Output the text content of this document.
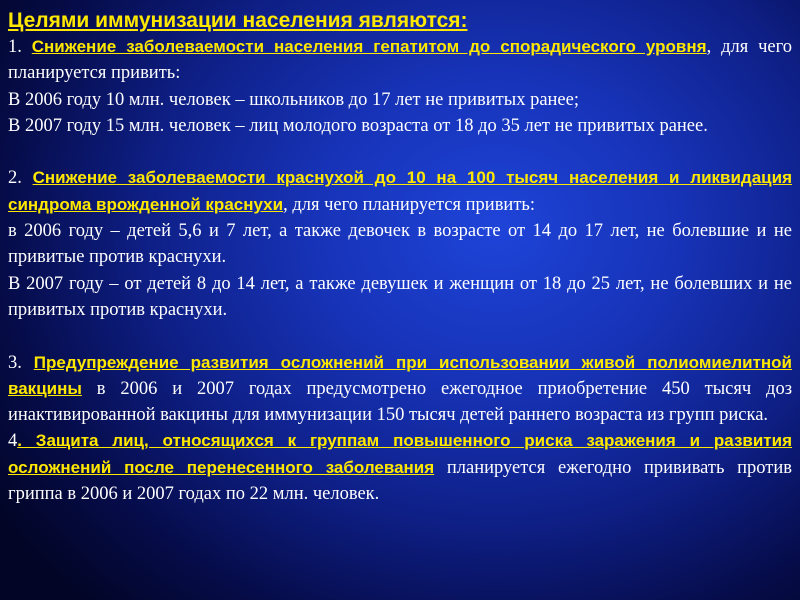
Целями иммунизации населения являются:

1. Снижение заболеваемости населения гепатитом до спорадического уровня, для чего планируется привить:

В 2006 году 10 млн. человек – школьников до 17 лет не привитых ранее;

В 2007 году 15 млн. человек – лиц молодого возраста от 18 до 35 лет не привитых ранее.

2. Снижение заболеваемости краснухой до 10 на 100 тысяч населения и ликвидация синдрома врожденной краснухи, для чего планируется привить:

в 2006 году – детей 5,6 и 7 лет, а также девочек в возрасте от 14 до 17 лет, не болевшие и не привитые против краснухи.

В 2007 году – от детей 8 до 14 лет, а также девушек и женщин от 18 до 25 лет, не болевших и не привитых против краснухи.

3. Предупреждение развития осложнений при использовании живой полиомиелитной вакцины в 2006 и 2007 годах предусмотрено ежегодное приобретение 450 тысяч доз инактивированной вакцины для иммунизации 150 тысяч детей раннего возраста из групп риска.

4. Защита лиц, относящихся к группам повышенного риска заражения и развития осложнений после перенесенного заболевания планируется ежегодно прививать против гриппа в 2006 и 2007 годах по 22 млн. человек.
